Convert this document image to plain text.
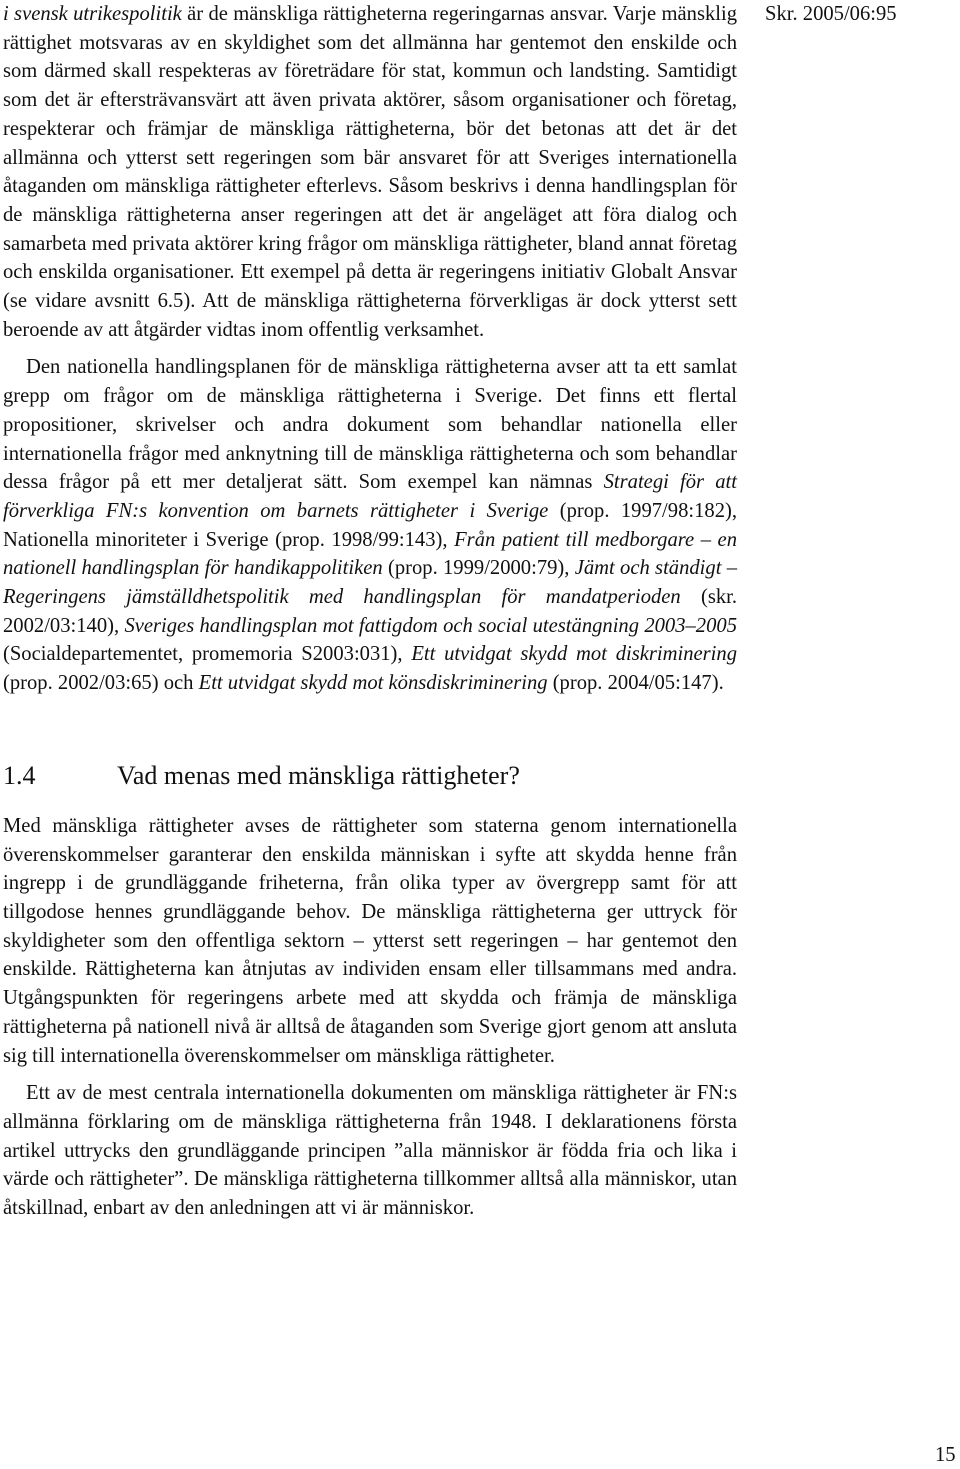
i svensk utrikespolitik är de mänskliga rättigheterna regeringarnas ansvar. Varje mänsklig rättighet motsvaras av en skyldighet som det allmänna har gentemot den enskilde och som därmed skall respekteras av företrädare för stat, kommun och landsting. Samtidigt som det är eftersträvansvärt att även privata aktörer, såsom organisationer och företag, respekterar och främjar de mänskliga rättigheterna, bör det betonas att det är det allmänna och ytterst sett regeringen som bär ansvaret för att Sveriges internationella åtaganden om mänskliga rättigheter efterlevs. Såsom beskrivs i denna handlingsplan för de mänskliga rättigheterna anser regeringen att det är angeläget att föra dialog och samarbeta med privata aktörer kring frågor om mänskliga rättigheter, bland annat företag och enskilda organisationer. Ett exempel på detta är regeringens initiativ Globalt Ansvar (se vidare avsnitt 6.5). Att de mänskliga rättigheterna förverkligas är dock ytterst sett beroende av att åtgärder vidtas inom offentlig verksamhet.

Den nationella handlingsplanen för de mänskliga rättigheterna avser att ta ett samlat grepp om frågor om de mänskliga rättigheterna i Sverige. Det finns ett flertal propositioner, skrivelser och andra dokument som behandlar nationella eller internationella frågor med anknytning till de mänskliga rättigheterna och som behandlar dessa frågor på ett mer detaljerat sätt. Som exempel kan nämnas Strategi för att förverkliga FN:s konvention om barnets rättigheter i Sverige (prop. 1997/98:182), Nationella minoriteter i Sverige (prop. 1998/99:143), Från patient till medborgare – en nationell handlingsplan för handikappolitiken (prop. 1999/2000:79), Jämt och ständigt – Regeringens jämställdhetspolitik med handlingsplan för mandatperioden (skr. 2002/03:140), Sveriges handlingsplan mot fattigdom och social utestängning 2003–2005 (Socialdepartementet, promemoria S2003:031), Ett utvidgat skydd mot diskriminering (prop. 2002/03:65) och Ett utvidgat skydd mot könsdiskriminering (prop. 2004/05:147).

1.4	Vad menas med mänskliga rättigheter?

Med mänskliga rättigheter avses de rättigheter som staterna genom internationella överenskommelser garanterar den enskilda människan i syfte att skydda henne från ingrepp i de grundläggande friheterna, från olika typer av övergrepp samt för att tillgodose hennes grundläggande behov. De mänskliga rättigheterna ger uttryck för skyldigheter som den offentliga sektorn – ytterst sett regeringen – har gentemot den enskilde. Rättigheterna kan åtnjutas av individen ensam eller tillsammans med andra. Utgångspunkten för regeringens arbete med att skydda och främja de mänskliga rättigheterna på nationell nivå är alltså de åtaganden som Sverige gjort genom att ansluta sig till internationella överenskommelser om mänskliga rättigheter.

Ett av de mest centrala internationella dokumenten om mänskliga rättigheter är FN:s allmänna förklaring om de mänskliga rättigheterna från 1948. I deklarationens första artikel uttrycks den grundläggande principen ”alla människor är födda fria och lika i värde och rättigheter”. De mänskliga rättigheterna tillkommer alltså alla människor, utan åtskillnad, enbart av den anledningen att vi är människor.

Skr. 2005/06:95
15
